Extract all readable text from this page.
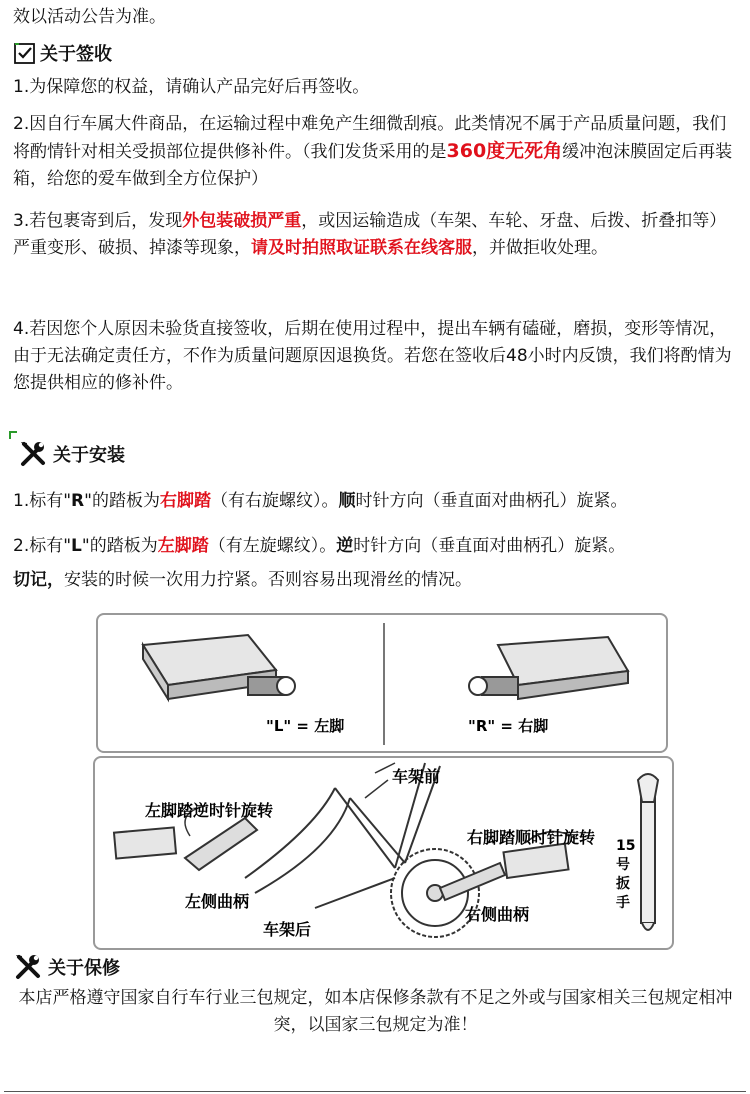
效以活动公告为准。
关于签收
1.为保障您的权益，请确认产品完好后再签收。
2.因自行车属大件商品，在运输过程中难免产生细微刮痕。此类情况不属于产品质量问题，我们将酌情针对相关受损部位提供修补件。（我们发货采用的是360度无死角缓冲泡沫膜固定后再装箱，给您的爱车做到全方位保护）
3.若包裹寄到后，发现外包装破损严重，或因运输造成（车架、车轮、牙盘、后拨、折叠扣等）严重变形、破损、掉漆等现象，请及时拍照取证联系在线客服，并做拒收处理。
4.若因您个人原因未验货直接签收，后期在使用过程中，提出车辆有磕碰，磨损，变形等情况，由于无法确定责任方，不作为质量问题原因退换货。若您在签收后48小时内反馈，我们将酌情为您提供相应的修补件。
关于安装
1.标有"R"的踏板为右脚踏（有右旋螺纹）。顺时针方向（垂直面对曲柄孔）旋紧。
2.标有"L"的踏板为左脚踏（有左旋螺纹）。逆时针方向（垂直面对曲柄孔）旋紧。
切记，安装的时候一次用力拧紧。否则容易出现滑丝的情况。
"L" = 左脚	"R" = 右脚
车架前
左脚踏逆时针旋转
右脚踏顺时针旋转
左侧曲柄
右侧曲柄
车架后
15
号
扳
手
关于保修
本店严格遵守国家自行车行业三包规定，如本店保修条款有不足之外或与国家相关三包规定相冲突，以国家三包规定为准！
